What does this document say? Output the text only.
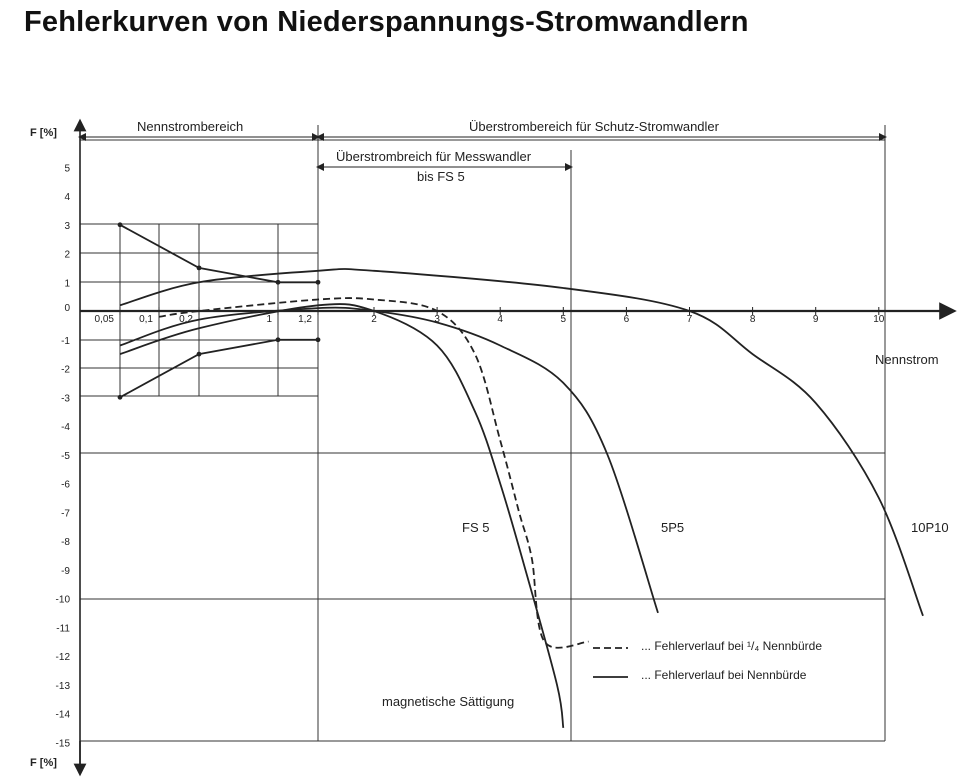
Fehlerkurven von Niederspannungs-Stromwandlern
F [%]
F [%]
Nennstrom
Nennstrombereich	Überstrombereich für Schutz-Stromwandler
Überstrombreich für Messwandler
bis FS 5
FS 5	5P5	10P10
magnetische Sättigung
... Fehlerverlauf bei ¹/₄ Nennbürde
... Fehlerverlauf bei Nennbürde
5
4
3
2
1
0
-1
-2
-3
-4
-5
-6
-7
-8
-9
-10
-11
-12
-13
-14
-15
0,05	0,1	0,2	1	1,2	2	3	4	5	6	7	8	9	10
